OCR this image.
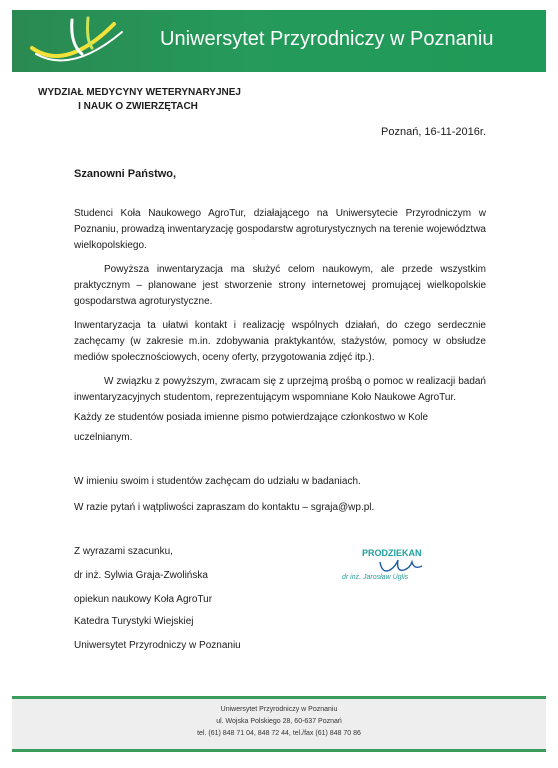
Uniwersytet Przyrodniczy w Poznaniu
WYDZIAŁ MEDYCYNY WETERYNARYJNEJ
I NAUK O ZWIERZĘTACH
Poznań, 16-11-2016r.
Szanowni Państwo,
Studenci Koła Naukowego AgroTur, działającego na Uniwersytecie Przyrodniczym w Poznaniu, prowadzą inwentaryzację gospodarstw agroturystycznych na terenie województwa wielkopolskiego.
Powyższa inwentaryzacja ma służyć celom naukowym, ale przede wszystkim praktycznym – planowane jest stworzenie strony internetowej promującej wielkopolskie gospodarstwa agroturystyczne.
Inwentaryzacja ta ułatwi kontakt i realizację wspólnych działań, do czego serdecznie zachęcamy (w zakresie m.in. zdobywania praktykantów, stażystów, pomocy w obsłudze mediów społecznościowych, oceny oferty, przygotowania zdjęć itp.).
W związku z powyższym, zwracam się z uprzejmą prośbą o pomoc w realizacji badań inwentaryzacyjnych studentom, reprezentującym wspomniane Koło Naukowe AgroTur.
Każdy ze studentów posiada imienne pismo potwierdzające członkostwo w Kole
uczelnianym.
W imieniu swoim i studentów zachęcam do udziału w badaniach.
W razie pytań i wątpliwości zapraszam do kontaktu – sgraja@wp.pl.
Z wyrazami szacunku,
dr inż. Sylwia Graja-Zwolińska
opiekun naukowy Koła AgroTur
Katedra Turystyki Wiejskiej
Uniwersytet Przyrodniczy w Poznaniu
PRODZIEKAN
dr inż. Jarosław Uglis
Uniwersytet Przyrodniczy w Poznaniu
ul. Wojska Polskiego 28, 60-637 Poznań
tel. (61) 848 71 04, 848 72 44, tel./fax (61) 848 70 86
